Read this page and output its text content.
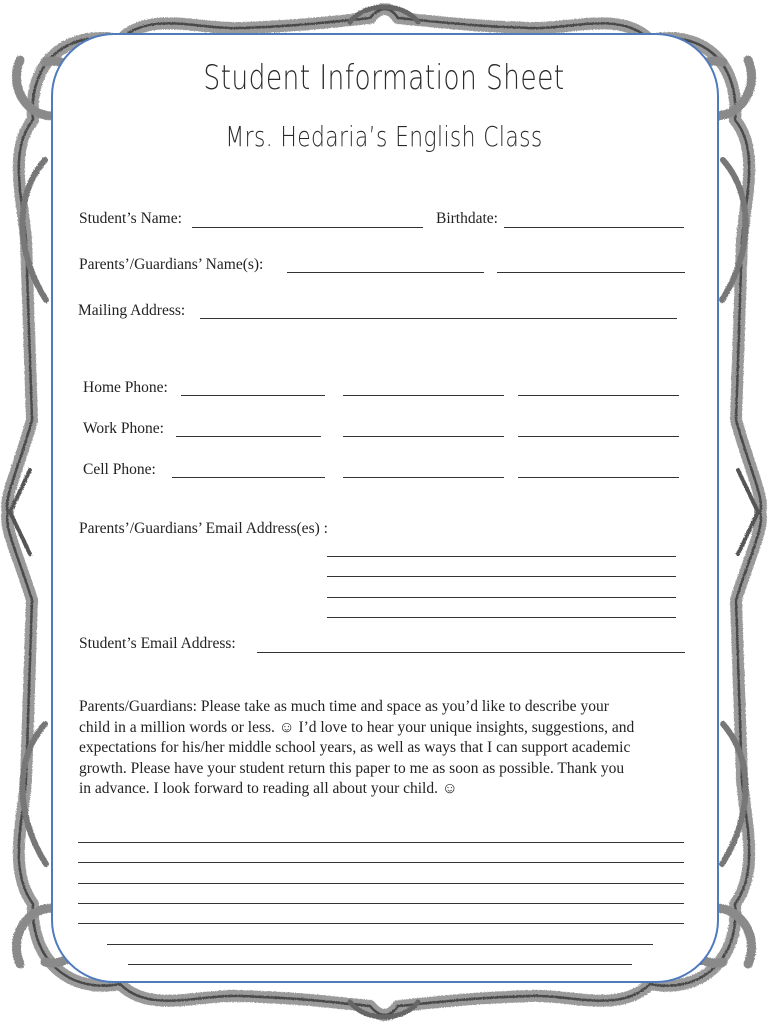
Student Information Sheet
Mrs. Hedaria’s English Class
Student’s Name:	Birthdate:
Parents’/Guardians’ Name(s):
Mailing Address:
Home Phone:
Work Phone:
Cell Phone:
Parents’/Guardians’ Email Address(es) :
Student’s Email Address:
Parents/Guardians: Please take as much time and space as you’d like to describe your
child in a million words or less. ☺ I’d love to hear your unique insights, suggestions, and
expectations for his/her middle school years, as well as ways that I can support academic
growth. Please have your student return this paper to me as soon as possible. Thank you
in advance. I look forward to reading all about your child. ☺
